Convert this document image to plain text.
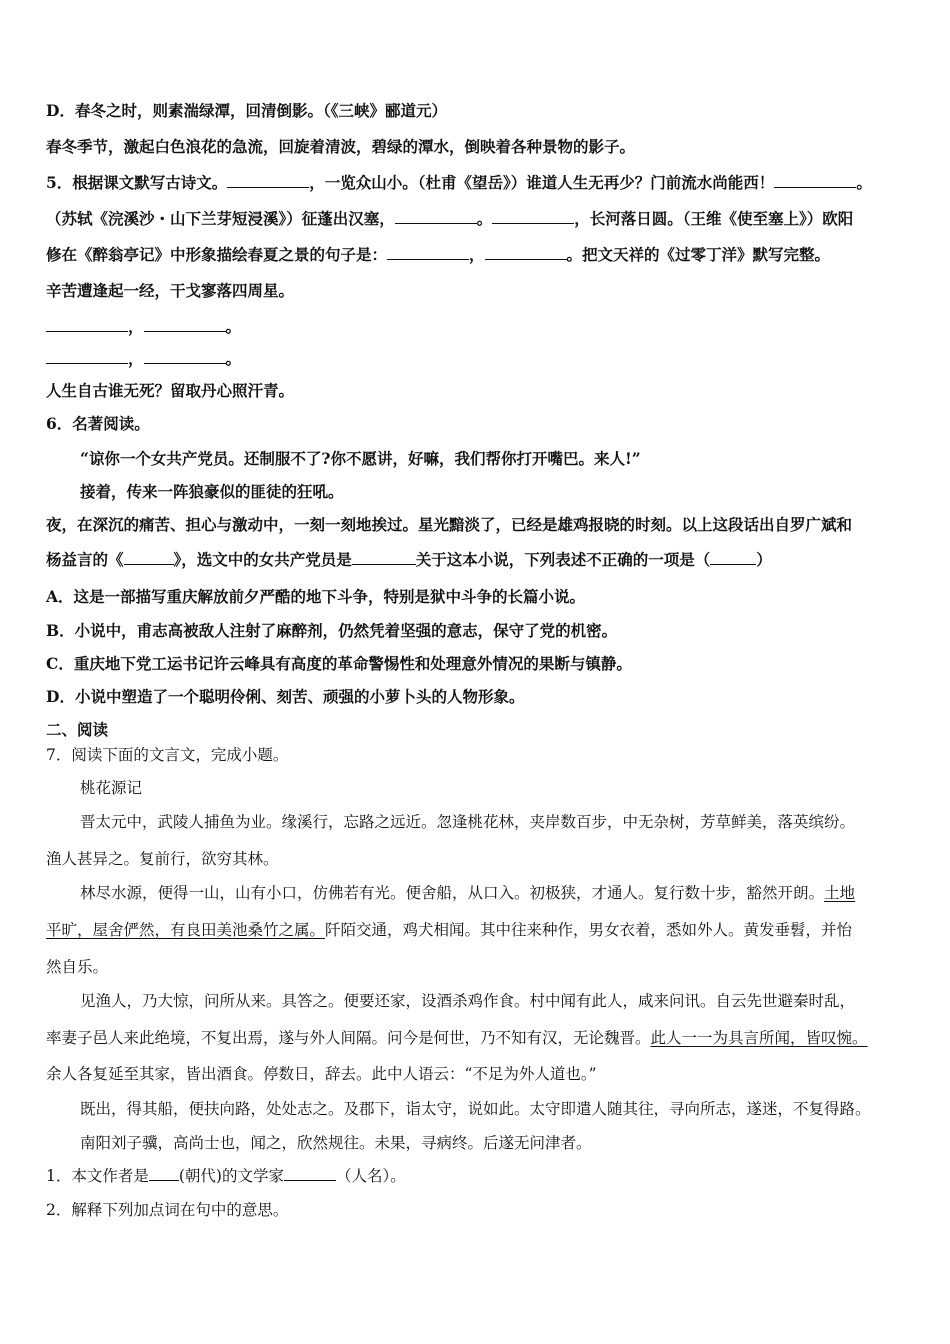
D．春冬之时，则素湍绿潭，回清倒影。（《三峡》郦道元）
春冬季节，激起白色浪花的急流，回旋着清波，碧绿的潭水，倒映着各种景物的影子。
5．根据课文默写古诗文。	，一览众山小。（杜甫《望岳》）谁道人生无再少？门前流水尚能西！	。
（苏轼《浣溪沙・山下兰芽短浸溪》）征蓬出汉塞，	。	，长河落日圆。（王维《使至塞上》）欧阳
修在《醉翁亭记》中形象描绘春夏之景的句子是：	，	。把文天祥的《过零丁洋》默写完整。
辛苦遭逢起一经，干戈寥落四周星。
，	。
，	。
人生自古谁无死？留取丹心照汗青。
6．名著阅读。
“谅你一个女共产党员。还制服不了?你不愿讲，好嘛，我们帮你打开嘴巴。来人!”
接着，传来一阵狼豪似的匪徒的狂吼。
夜，在深沉的痛苦、担心与激动中，一刻一刻地挨过。星光黯淡了，已经是雄鸡报晓的时刻。以上这段话出自罗广斌和
杨益言的《	》，选文中的女共产党员是	关于这本小说，下列表述不正确的一项是（	）
A．这是一部描写重庆解放前夕严酷的地下斗争，特别是狱中斗争的长篇小说。
B．小说中，甫志高被敌人注射了麻醉剂，仍然凭着坚强的意志，保守了党的机密。
C．重庆地下党工运书记许云峰具有高度的革命警惕性和处理意外情况的果断与镇静。
D．小说中塑造了一个聪明伶俐、刻苦、顽强的小萝卜头的人物形象。
二、阅读
7．阅读下面的文言文，完成小题。
桃花源记
晋太元中，武陵人捕鱼为业。缘溪行，忘路之远近。忽逢桃花林，夹岸数百步，中无杂树，芳草鲜美，落英缤纷。
渔人甚异之。复前行，欲穷其林。
林尽水源，便得一山，山有小口，仿佛若有光。便舍船，从口入。初极狭，才通人。复行数十步，豁然开朗。土地
平旷，屋舍俨然，有良田美池桑竹之属。阡陌交通，鸡犬相闻。其中往来种作，男女衣着，悉如外人。黄发垂髫，并怡
然自乐。
见渔人，乃大惊，问所从来。具答之。便要还家，设酒杀鸡作食。村中闻有此人，咸来问讯。自云先世避秦时乱，
率妻子邑人来此绝境，不复出焉，遂与外人间隔。问今是何世，乃不知有汉，无论魏晋。此人一一为具言所闻，皆叹惋。
余人各复延至其家，皆出酒食。停数日，辞去。此中人语云：“不足为外人道也。”
既出，得其船，便扶向路，处处志之。及郡下，诣太守，说如此。太守即遣人随其往，寻向所志，遂迷，不复得路。
南阳刘子骥，高尚士也，闻之，欣然规往。未果，寻病终。后遂无问津者。
1．本文作者是 (朝代)的文学家	（人名）。
2．解释下列加点词在句中的意思。
